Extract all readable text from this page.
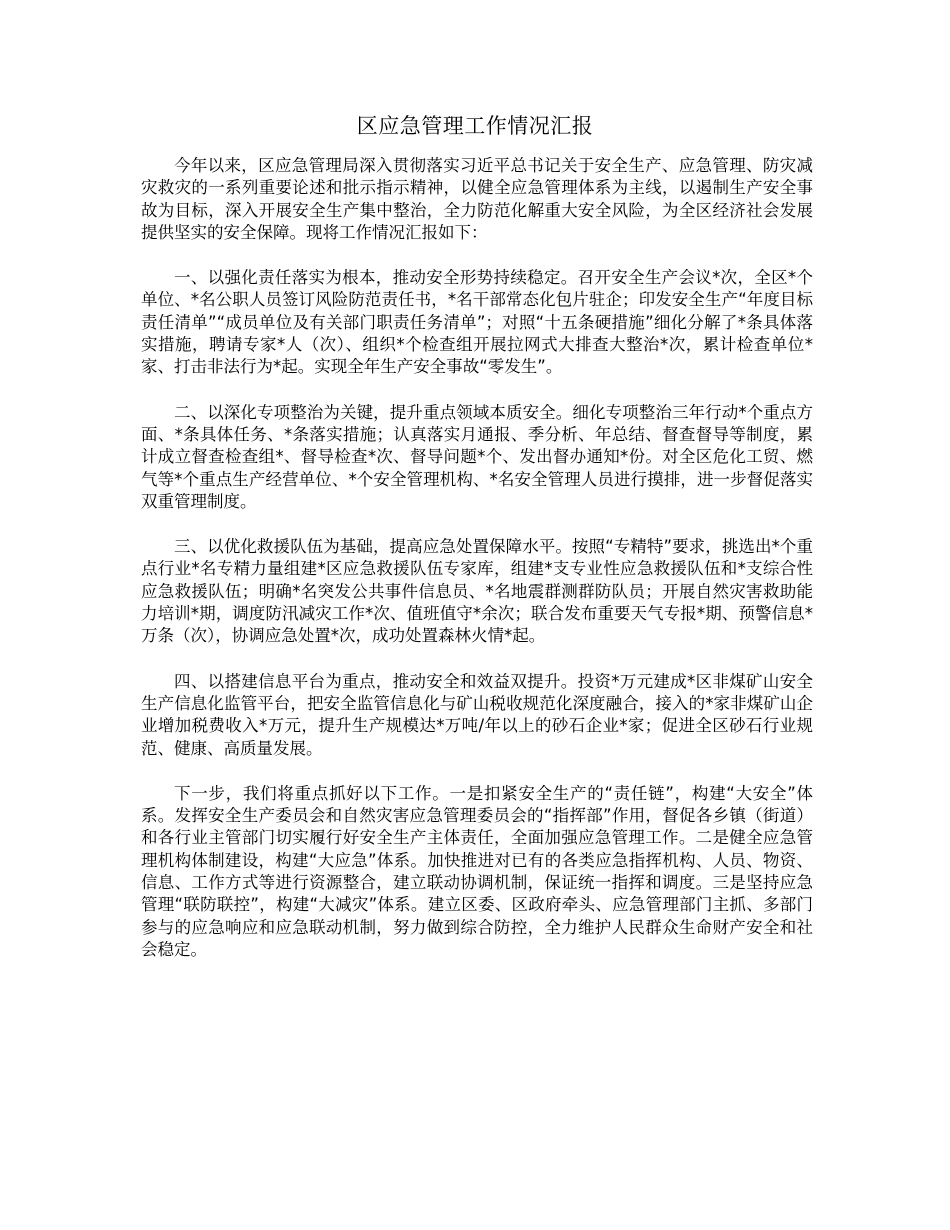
区应急管理工作情况汇报

今年以来，区应急管理局深入贯彻落实习近平总书记关于安全生产、应急管理、防灾减灾救灾的一系列重要论述和批示指示精神，以健全应急管理体系为主线，以遏制生产安全事故为目标，深入开展安全生产集中整治，全力防范化解重大安全风险，为全区经济社会发展提供坚实的安全保障。现将工作情况汇报如下：

一、以强化责任落实为根本，推动安全形势持续稳定。召开安全生产会议*次，全区*个单位、*名公职人员签订风险防范责任书，*名干部常态化包片驻企；印发安全生产“年度目标责任清单”“成员单位及有关部门职责任务清单”；对照“十五条硬措施”细化分解了*条具体落实措施，聘请专家*人（次）、组织*个检查组开展拉网式大排查大整治*次，累计检查单位*家、打击非法行为*起。实现全年生产安全事故“零发生”。

二、以深化专项整治为关键，提升重点领域本质安全。细化专项整治三年行动*个重点方面、*条具体任务、*条落实措施；认真落实月通报、季分析、年总结、督查督导等制度，累计成立督查检查组*、督导检查*次、督导问题*个、发出督办通知*份。对全区危化工贸、燃气等*个重点生产经营单位、*个安全管理机构、*名安全管理人员进行摸排，进一步督促落实双重管理制度。

三、以优化救援队伍为基础，提高应急处置保障水平。按照“专精特”要求，挑选出*个重点行业*名专精力量组建*区应急救援队伍专家库，组建*支专业性应急救援队伍和*支综合性应急救援队伍；明确*名突发公共事件信息员、*名地震群测群防队员；开展自然灾害救助能力培训*期，调度防汛减灾工作*次、值班值守*余次；联合发布重要天气专报*期、预警信息*万条（次），协调应急处置*次，成功处置森林火情*起。

四、以搭建信息平台为重点，推动安全和效益双提升。投资*万元建成*区非煤矿山安全生产信息化监管平台，把安全监管信息化与矿山税收规范化深度融合，接入的*家非煤矿山企业增加税费收入*万元，提升生产规模达*万吨/年以上的砂石企业*家；促进全区砂石行业规范、健康、高质量发展。

下一步，我们将重点抓好以下工作。一是扣紧安全生产的“责任链”，构建“大安全”体系。发挥安全生产委员会和自然灾害应急管理委员会的“指挥部”作用，督促各乡镇（街道）和各行业主管部门切实履行好安全生产主体责任，全面加强应急管理工作。二是健全应急管理机构体制建设，构建“大应急”体系。加快推进对已有的各类应急指挥机构、人员、物资、信息、工作方式等进行资源整合，建立联动协调机制，保证统一指挥和调度。三是坚持应急管理“联防联控”，构建“大减灾”体系。建立区委、区政府牵头、应急管理部门主抓、多部门参与的应急响应和应急联动机制，努力做到综合防控，全力维护人民群众生命财产安全和社会稳定。
